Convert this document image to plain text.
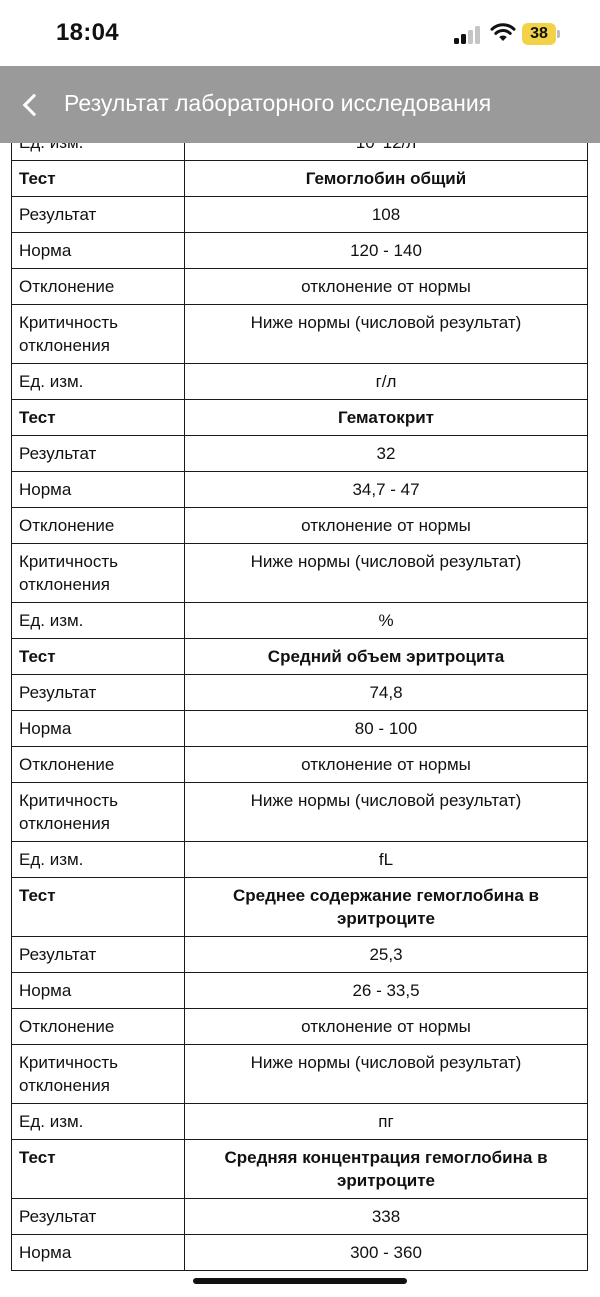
18:04	38
Результат лабораторного исследования

Тест	Гемоглобин общий
Результат	108
Норма	120 - 140
Отклонение	отклонение от нормы
Критичность отклонения	Ниже нормы (числовой результат)
Ед. изм.	г/л
Тест	Гематокрит
Результат	32
Норма	34,7 - 47
Отклонение	отклонение от нормы
Критичность отклонения	Ниже нормы (числовой результат)
Ед. изм.	%
Тест	Средний объем эритроцита
Результат	74,8
Норма	80 - 100
Отклонение	отклонение от нормы
Критичность отклонения	Ниже нормы (числовой результат)
Ед. изм.	fL
Тест	Среднее содержание гемоглобина в эритроците
Результат	25,3
Норма	26 - 33,5
Отклонение	отклонение от нормы
Критичность отклонения	Ниже нормы (числовой результат)
Ед. изм.	пг
Тест	Средняя концентрация гемоглобина в эритроците
Результат	338
Норма	300 - 360
